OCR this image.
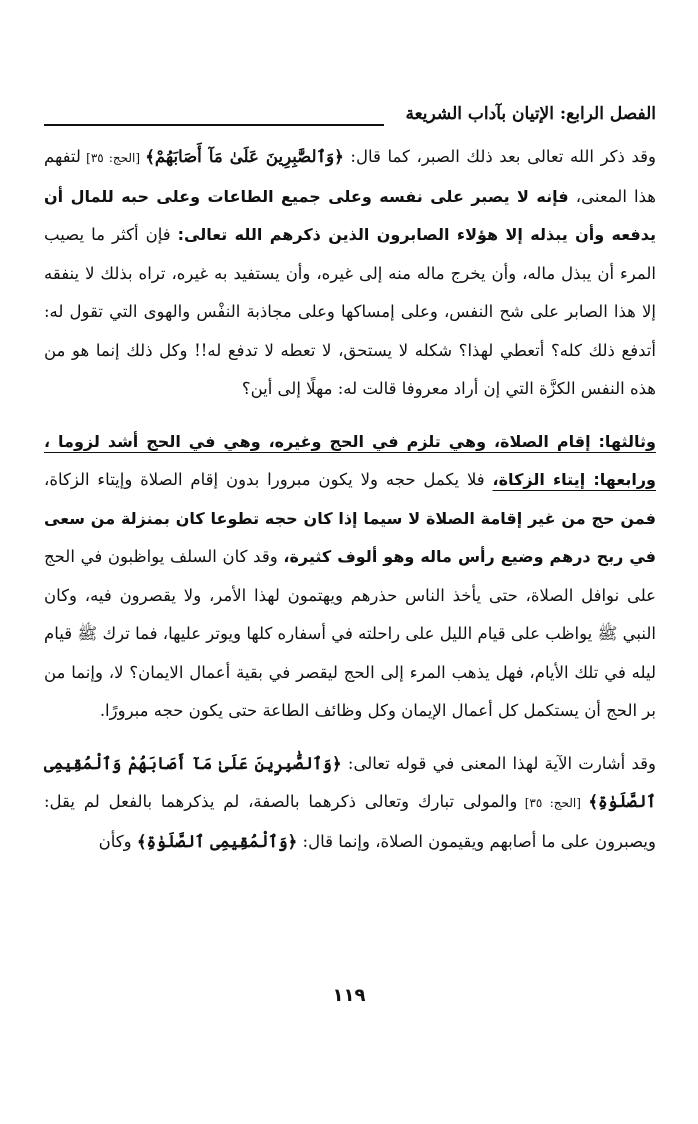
الفصل الرابع: الإتيان بآداب الشريعة

وقد ذكر الله تعالى بعد ذلك الصبر، كما قال: ﴿وَٱلصَّٰبِرِينَ عَلَىٰ مَآ أَصَابَهُمْ﴾ [الحج: ٣٥] لتفهم هذا المعنى، فإنه لا يصبر على نفسه وعلى جميع الطاعات وعلى حبه للمال أن يدفعه وأن يبذله إلا هؤلاء الصابرون الذين ذكرهم الله تعالى: فإن أكثر ما يصيب المرء أن يبذل ماله، وأن يخرج ماله منه إلى غيره، وأن يستفيد به غيره، تراه بذلك لا ينفقه إلا هذا الصابر على شح النفس، وعلى إمساكها وعلى مجاذبة النفْس والهوى التي تقول له: أتدفع ذلك كله؟ أتعطي لهذا؟ شكله لا يستحق، لا تعطه لا تدفع له!! وكل ذلك إنما هو من هذه النفس الكزَّة التي إن أراد معروفا قالت له: مهلًا إلى أين؟

وثالثها: إقام الصلاة، وهي تلزم في الحج وغيره، وهي في الحج أشد لزوما ، ورابعها: إيتاء الزكاة، فلا يكمل حجه ولا يكون مبرورا بدون إقام الصلاة وإيتاء الزكاة، فمن حج من غير إقامة الصلاة لا سيما إذا كان حجه تطوعا كان بمنزلة من سعى في ربح درهم وضيع رأس ماله وهو ألوف كثيرة، وقد كان السلف يواظبون في الحج على نوافل الصلاة، حتى يأخذ الناس حذرهم ويهتمون لهذا الأمر، ولا يقصرون فيه، وكان النبي ﷺ يواظب على قيام الليل على راحلته في أسفاره كلها ويوتر عليها، فما ترك ﷺ قيام ليله في تلك الأيام، فهل يذهب المرء إلى الحج ليقصر في بقية أعمال الايمان؟ لا، وإنما من بر الحج أن يستكمل كل أعمال الإيمان وكل وظائف الطاعة حتى يكون حجه مبرورًا.

وقد أشارت الآية لهذا المعنى في قوله تعالى: ﴿وَٱلصَّٰبِرِينَ عَلَىٰ مَآ أَصَابَهُمْ وَٱلْمُقِيمِى ٱلصَّلَوٰةِ﴾ [الحج: ٣٥] والمولى تبارك وتعالى ذكرهما بالصفة، لم يذكرهما بالفعل لم يقل: ويصبرون على ما أصابهم ويقيمون الصلاة، وإنما قال: ﴿وَٱلْمُقِيمِى ٱلصَّلَوٰةِ﴾ وكأن

١١٩
